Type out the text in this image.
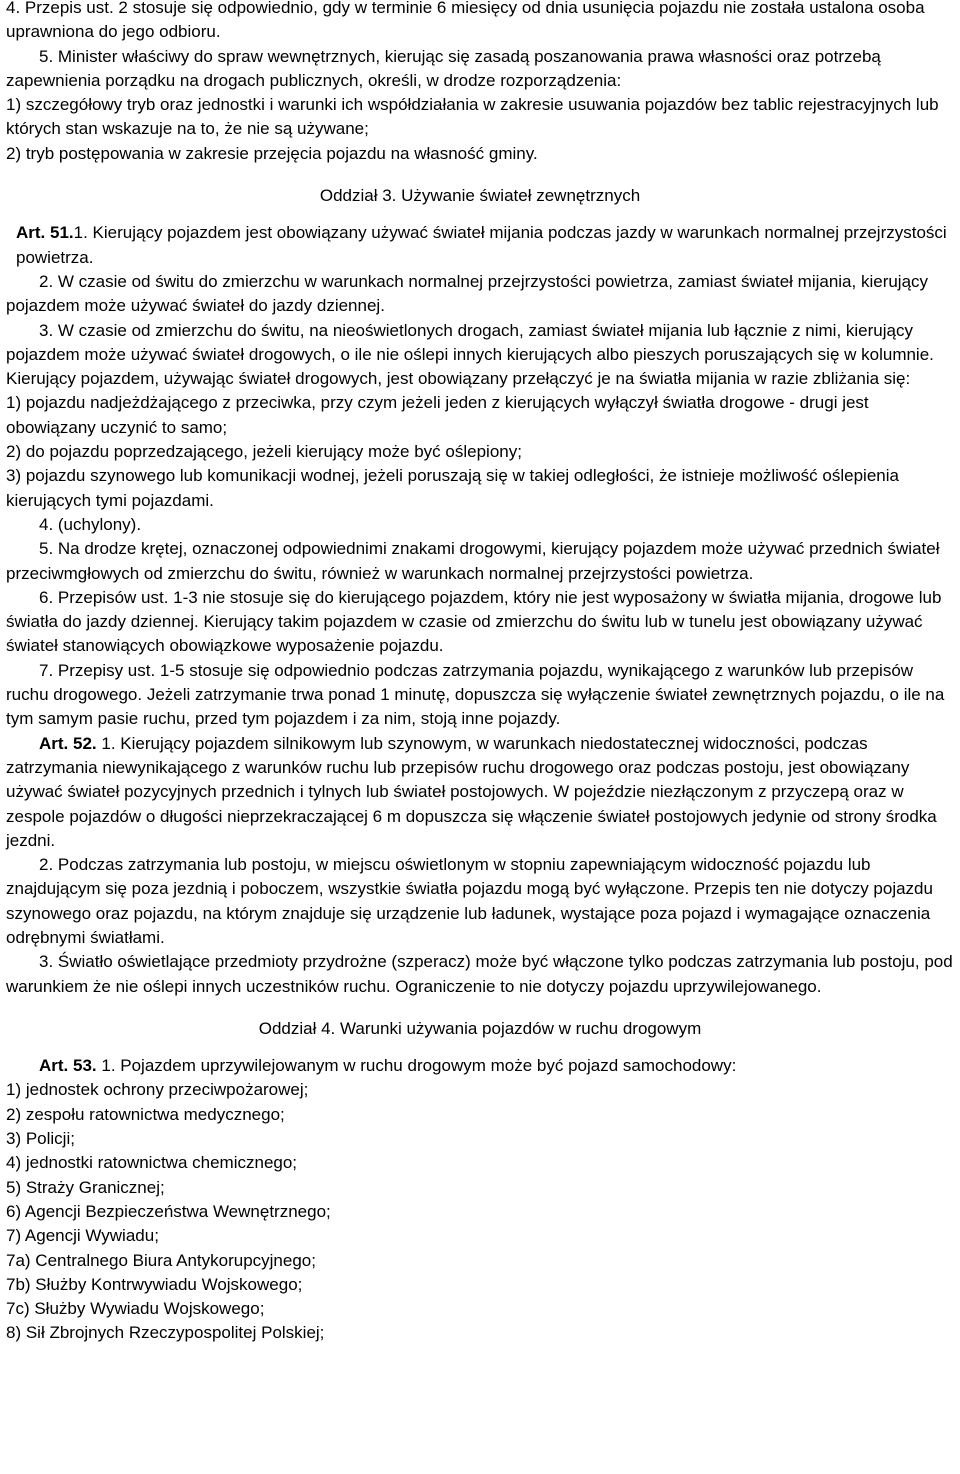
4. Przepis ust. 2 stosuje się odpowiednio, gdy w terminie 6 miesięcy od dnia usunięcia pojazdu nie została ustalona osoba uprawniona do jego odbioru.

5. Minister właściwy do spraw wewnętrznych, kierując się zasadą poszanowania prawa własności oraz potrzebą zapewnienia porządku na drogach publicznych, określi, w drodze rozporządzenia:

1) szczegółowy tryb oraz jednostki i warunki ich współdziałania w zakresie usuwania pojazdów bez tablic rejestracyjnych lub których stan wskazuje na to, że nie są używane;

2) tryb postępowania w zakresie przejęcia pojazdu na własność gminy.

Oddział 3. Używanie świateł zewnętrznych

Art. 51.1. Kierujący pojazdem jest obowiązany używać świateł mijania podczas jazdy w warunkach normalnej przejrzystości powietrza.

2. W czasie od świtu do zmierzchu w warunkach normalnej przejrzystości powietrza, zamiast świateł mijania, kierujący pojazdem może używać świateł do jazdy dziennej.

3. W czasie od zmierzchu do świtu, na nieoświetlonych drogach, zamiast świateł mijania lub łącznie z nimi, kierujący pojazdem może używać świateł drogowych, o ile nie oślepi innych kierujących albo pieszych poruszających się w kolumnie. Kierujący pojazdem, używając świateł drogowych, jest obowiązany przełączyć je na światła mijania w razie zbliżania się:

1) pojazdu nadjeżdżającego z przeciwka, przy czym jeżeli jeden z kierujących wyłączył światła drogowe - drugi jest obowiązany uczynić to samo;

2) do pojazdu poprzedzającego, jeżeli kierujący może być oślepiony;

3) pojazdu szynowego lub komunikacji wodnej, jeżeli poruszają się w takiej odległości, że istnieje możliwość oślepienia kierujących tymi pojazdami.

4. (uchylony).

5. Na drodze krętej, oznaczonej odpowiednimi znakami drogowymi, kierujący pojazdem może używać przednich świateł przeciwmgłowych od zmierzchu do świtu, również w warunkach normalnej przejrzystości powietrza.

6. Przepisów ust. 1-3 nie stosuje się do kierującego pojazdem, który nie jest wyposażony w światła mijania, drogowe lub światła do jazdy dziennej. Kierujący takim pojazdem w czasie od zmierzchu do świtu lub w tunelu jest obowiązany używać świateł stanowiących obowiązkowe wyposażenie pojazdu.

7. Przepisy ust. 1-5 stosuje się odpowiednio podczas zatrzymania pojazdu, wynikającego z warunków lub przepisów ruchu drogowego. Jeżeli zatrzymanie trwa ponad 1 minutę, dopuszcza się wyłączenie świateł zewnętrznych pojazdu, o ile na tym samym pasie ruchu, przed tym pojazdem i za nim, stoją inne pojazdy.

Art. 52. 1. Kierujący pojazdem silnikowym lub szynowym, w warunkach niedostatecznej widoczności, podczas zatrzymania niewynikającego z warunków ruchu lub przepisów ruchu drogowego oraz podczas postoju, jest obowiązany używać świateł pozycyjnych przednich i tylnych lub świateł postojowych. W pojeździe niezłączonym z przyczepą oraz w zespole pojazdów o długości nieprzekraczającej 6 m dopuszcza się włączenie świateł postojowych jedynie od strony środka jezdni.

2. Podczas zatrzymania lub postoju, w miejscu oświetlonym w stopniu zapewniającym widoczność pojazdu lub znajdującym się poza jezdnią i poboczem, wszystkie światła pojazdu mogą być wyłączone. Przepis ten nie dotyczy pojazdu szynowego oraz pojazdu, na którym znajduje się urządzenie lub ładunek, wystające poza pojazd i wymagające oznaczenia odrębnymi światłami.

3. Światło oświetlające przedmioty przydrożne (szperacz) może być włączone tylko podczas zatrzymania lub postoju, pod warunkiem że nie oślepi innych uczestników ruchu. Ograniczenie to nie dotyczy pojazdu uprzywilejowanego.

Oddział 4. Warunki używania pojazdów w ruchu drogowym

Art. 53. 1. Pojazdem uprzywilejowanym w ruchu drogowym może być pojazd samochodowy:

1) jednostek ochrony przeciwpożarowej;

2) zespołu ratownictwa medycznego;

3) Policji;

4) jednostki ratownictwa chemicznego;

5) Straży Granicznej;

6) Agencji Bezpieczeństwa Wewnętrznego;

7) Agencji Wywiadu;

7a) Centralnego Biura Antykorupcyjnego;

7b) Służby Kontrwywiadu Wojskowego;

7c) Służby Wywiadu Wojskowego;

8) Sił Zbrojnych Rzeczypospolitej Polskiej;
